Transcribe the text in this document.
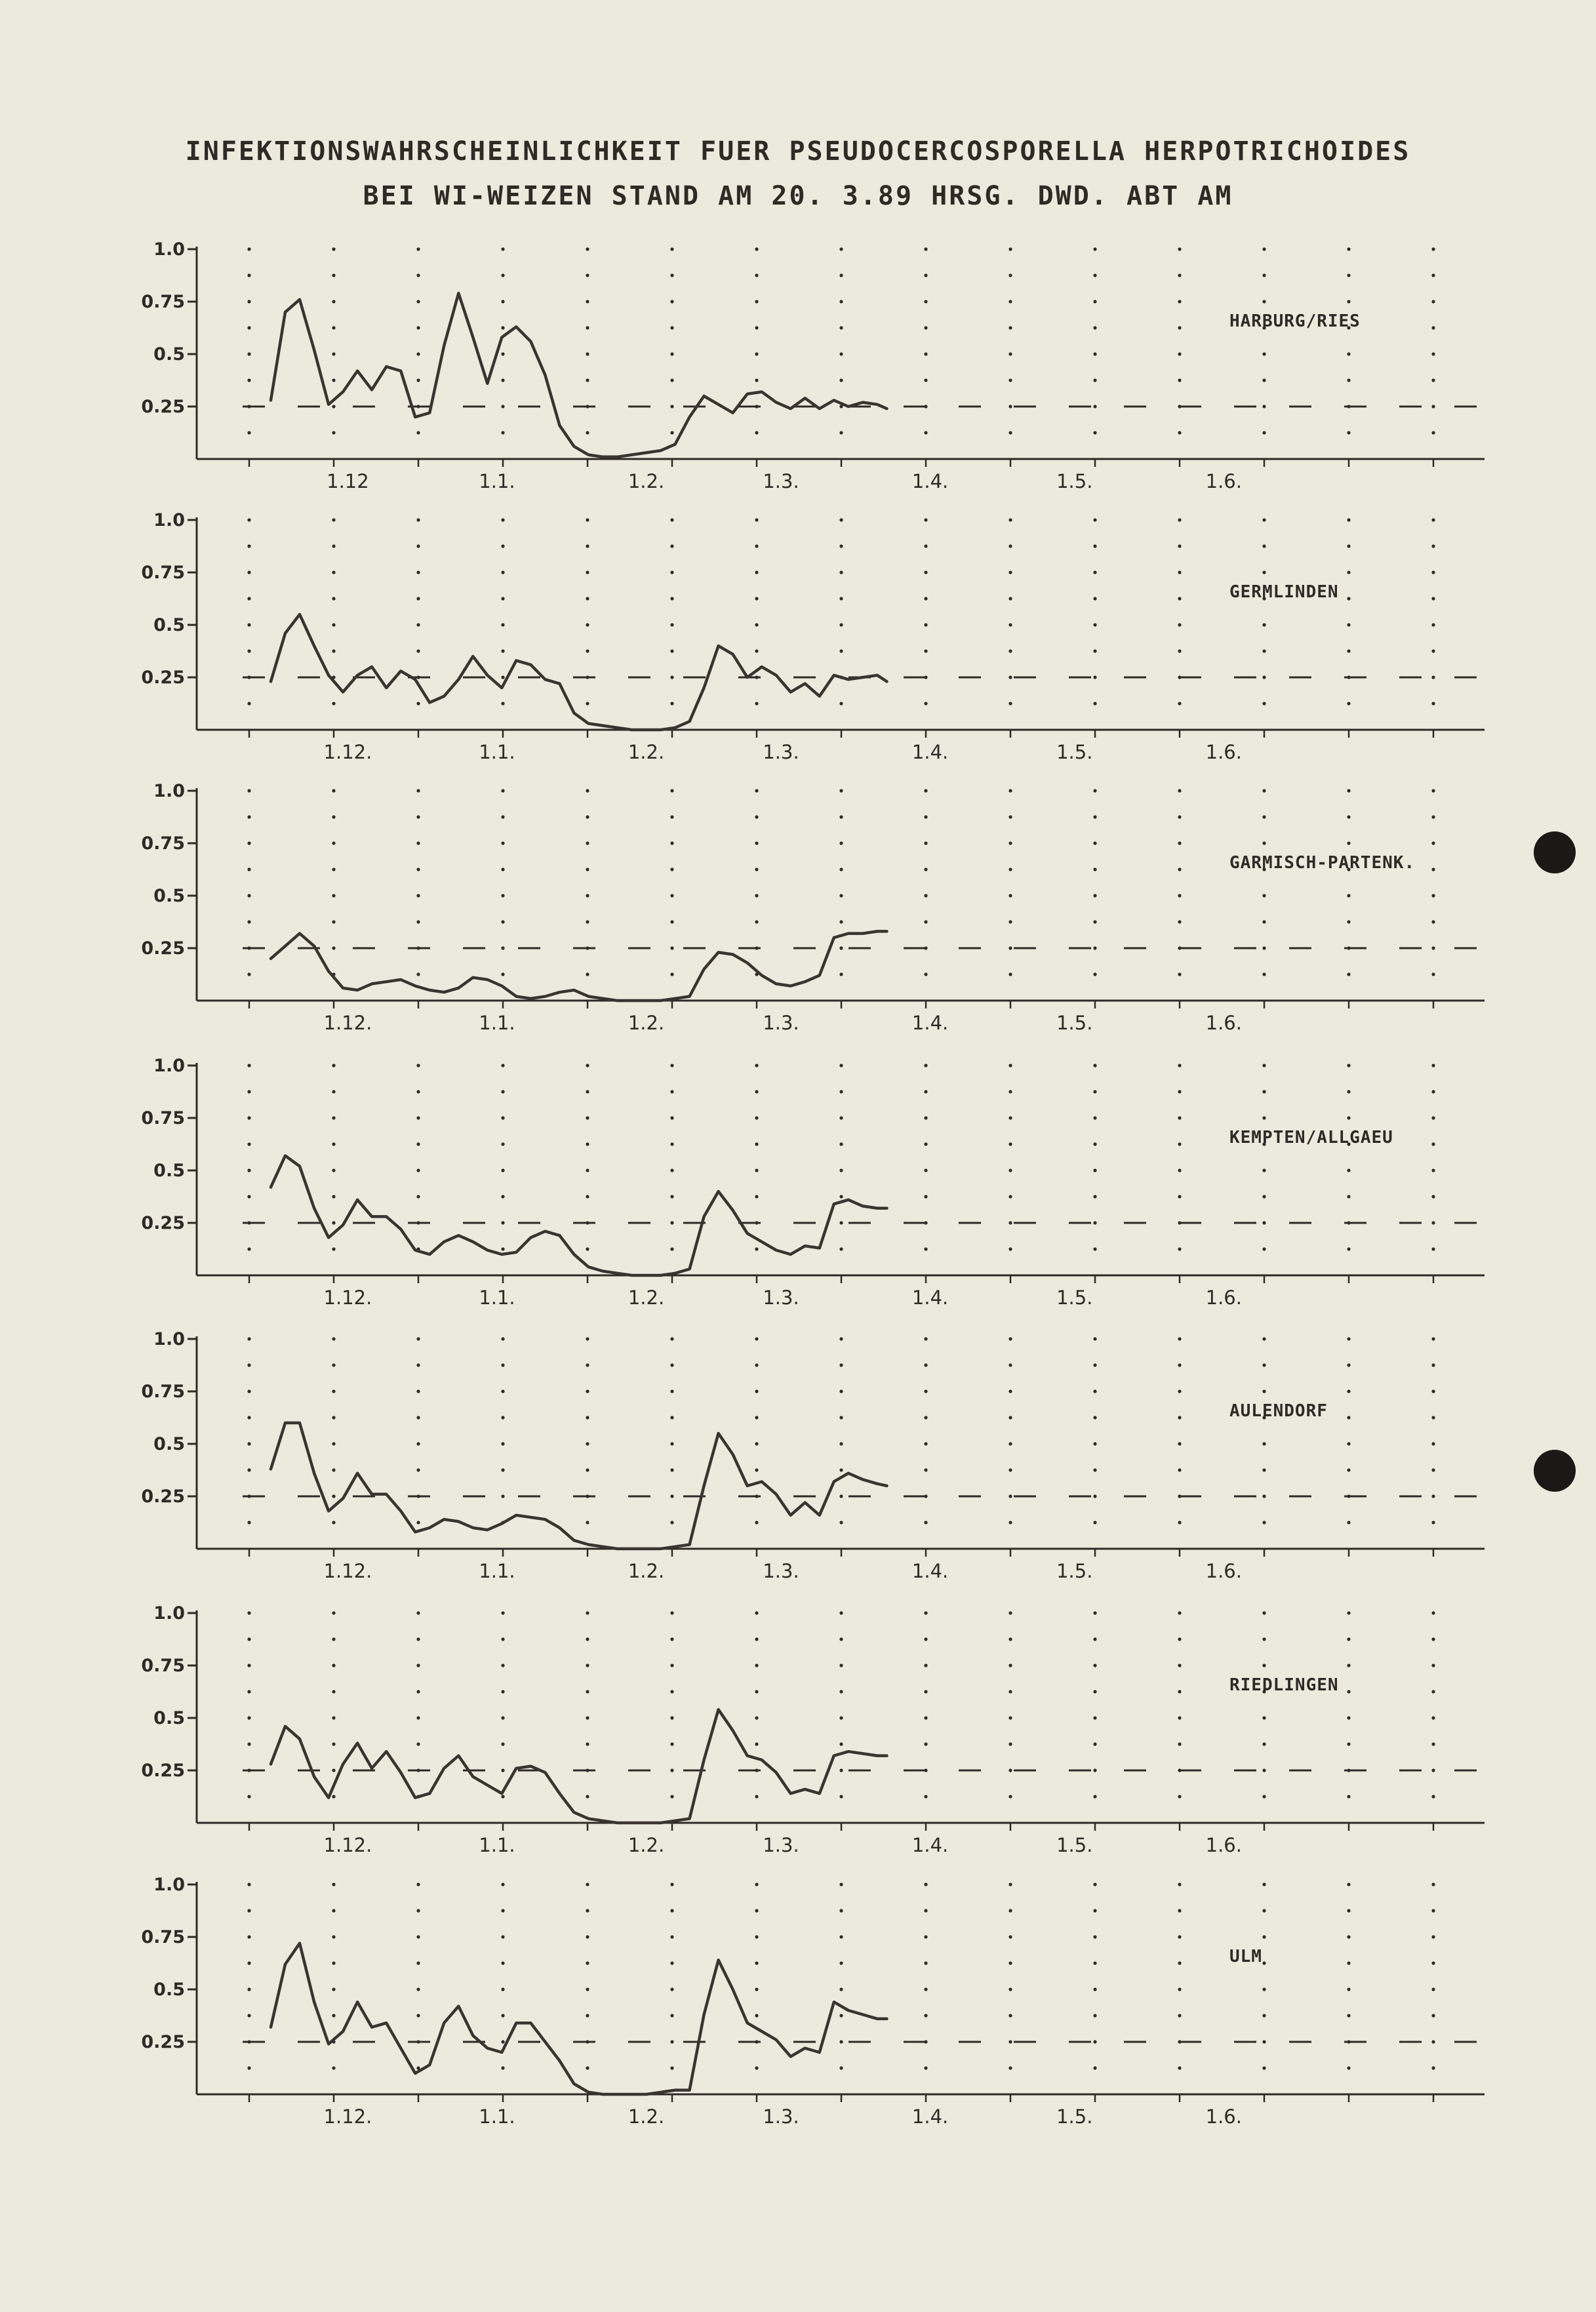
INFEKTIONSWAHRSCHEINLICHKEIT FUER PSEUDOCERCOSPORELLA HERPOTRICHOIDES
BEI WI-WEIZEN STAND AM 20. 3.89 HRSG. DWD. ABT AM
0.25
0.5
0.75
1.0
1.12	1.1.	1.2.	1.3.	1.4.	1.5.	1.6.
HARBURG/RIES
0.25
0.5
0.75
1.0
1.12.	1.1.	1.2.	1.3.	1.4.	1.5.	1.6.
GERMLINDEN
0.25
0.5
0.75
1.0
1.12.	1.1.	1.2.	1.3.	1.4.	1.5.	1.6.
GARMISCH-PARTENK.
0.25
0.5
0.75
1.0
1.12.	1.1.	1.2.	1.3.	1.4.	1.5.	1.6.
KEMPTEN/ALLGAEU
0.25
0.5
0.75
1.0
1.12.	1.1.	1.2.	1.3.	1.4.	1.5.	1.6.
AULENDORF
0.25
0.5
0.75
1.0
1.12.	1.1.	1.2.	1.3.	1.4.	1.5.	1.6.
RIEDLINGEN
0.25
0.5
0.75
1.0
1.12.	1.1.	1.2.	1.3.	1.4.	1.5.	1.6.
ULM
